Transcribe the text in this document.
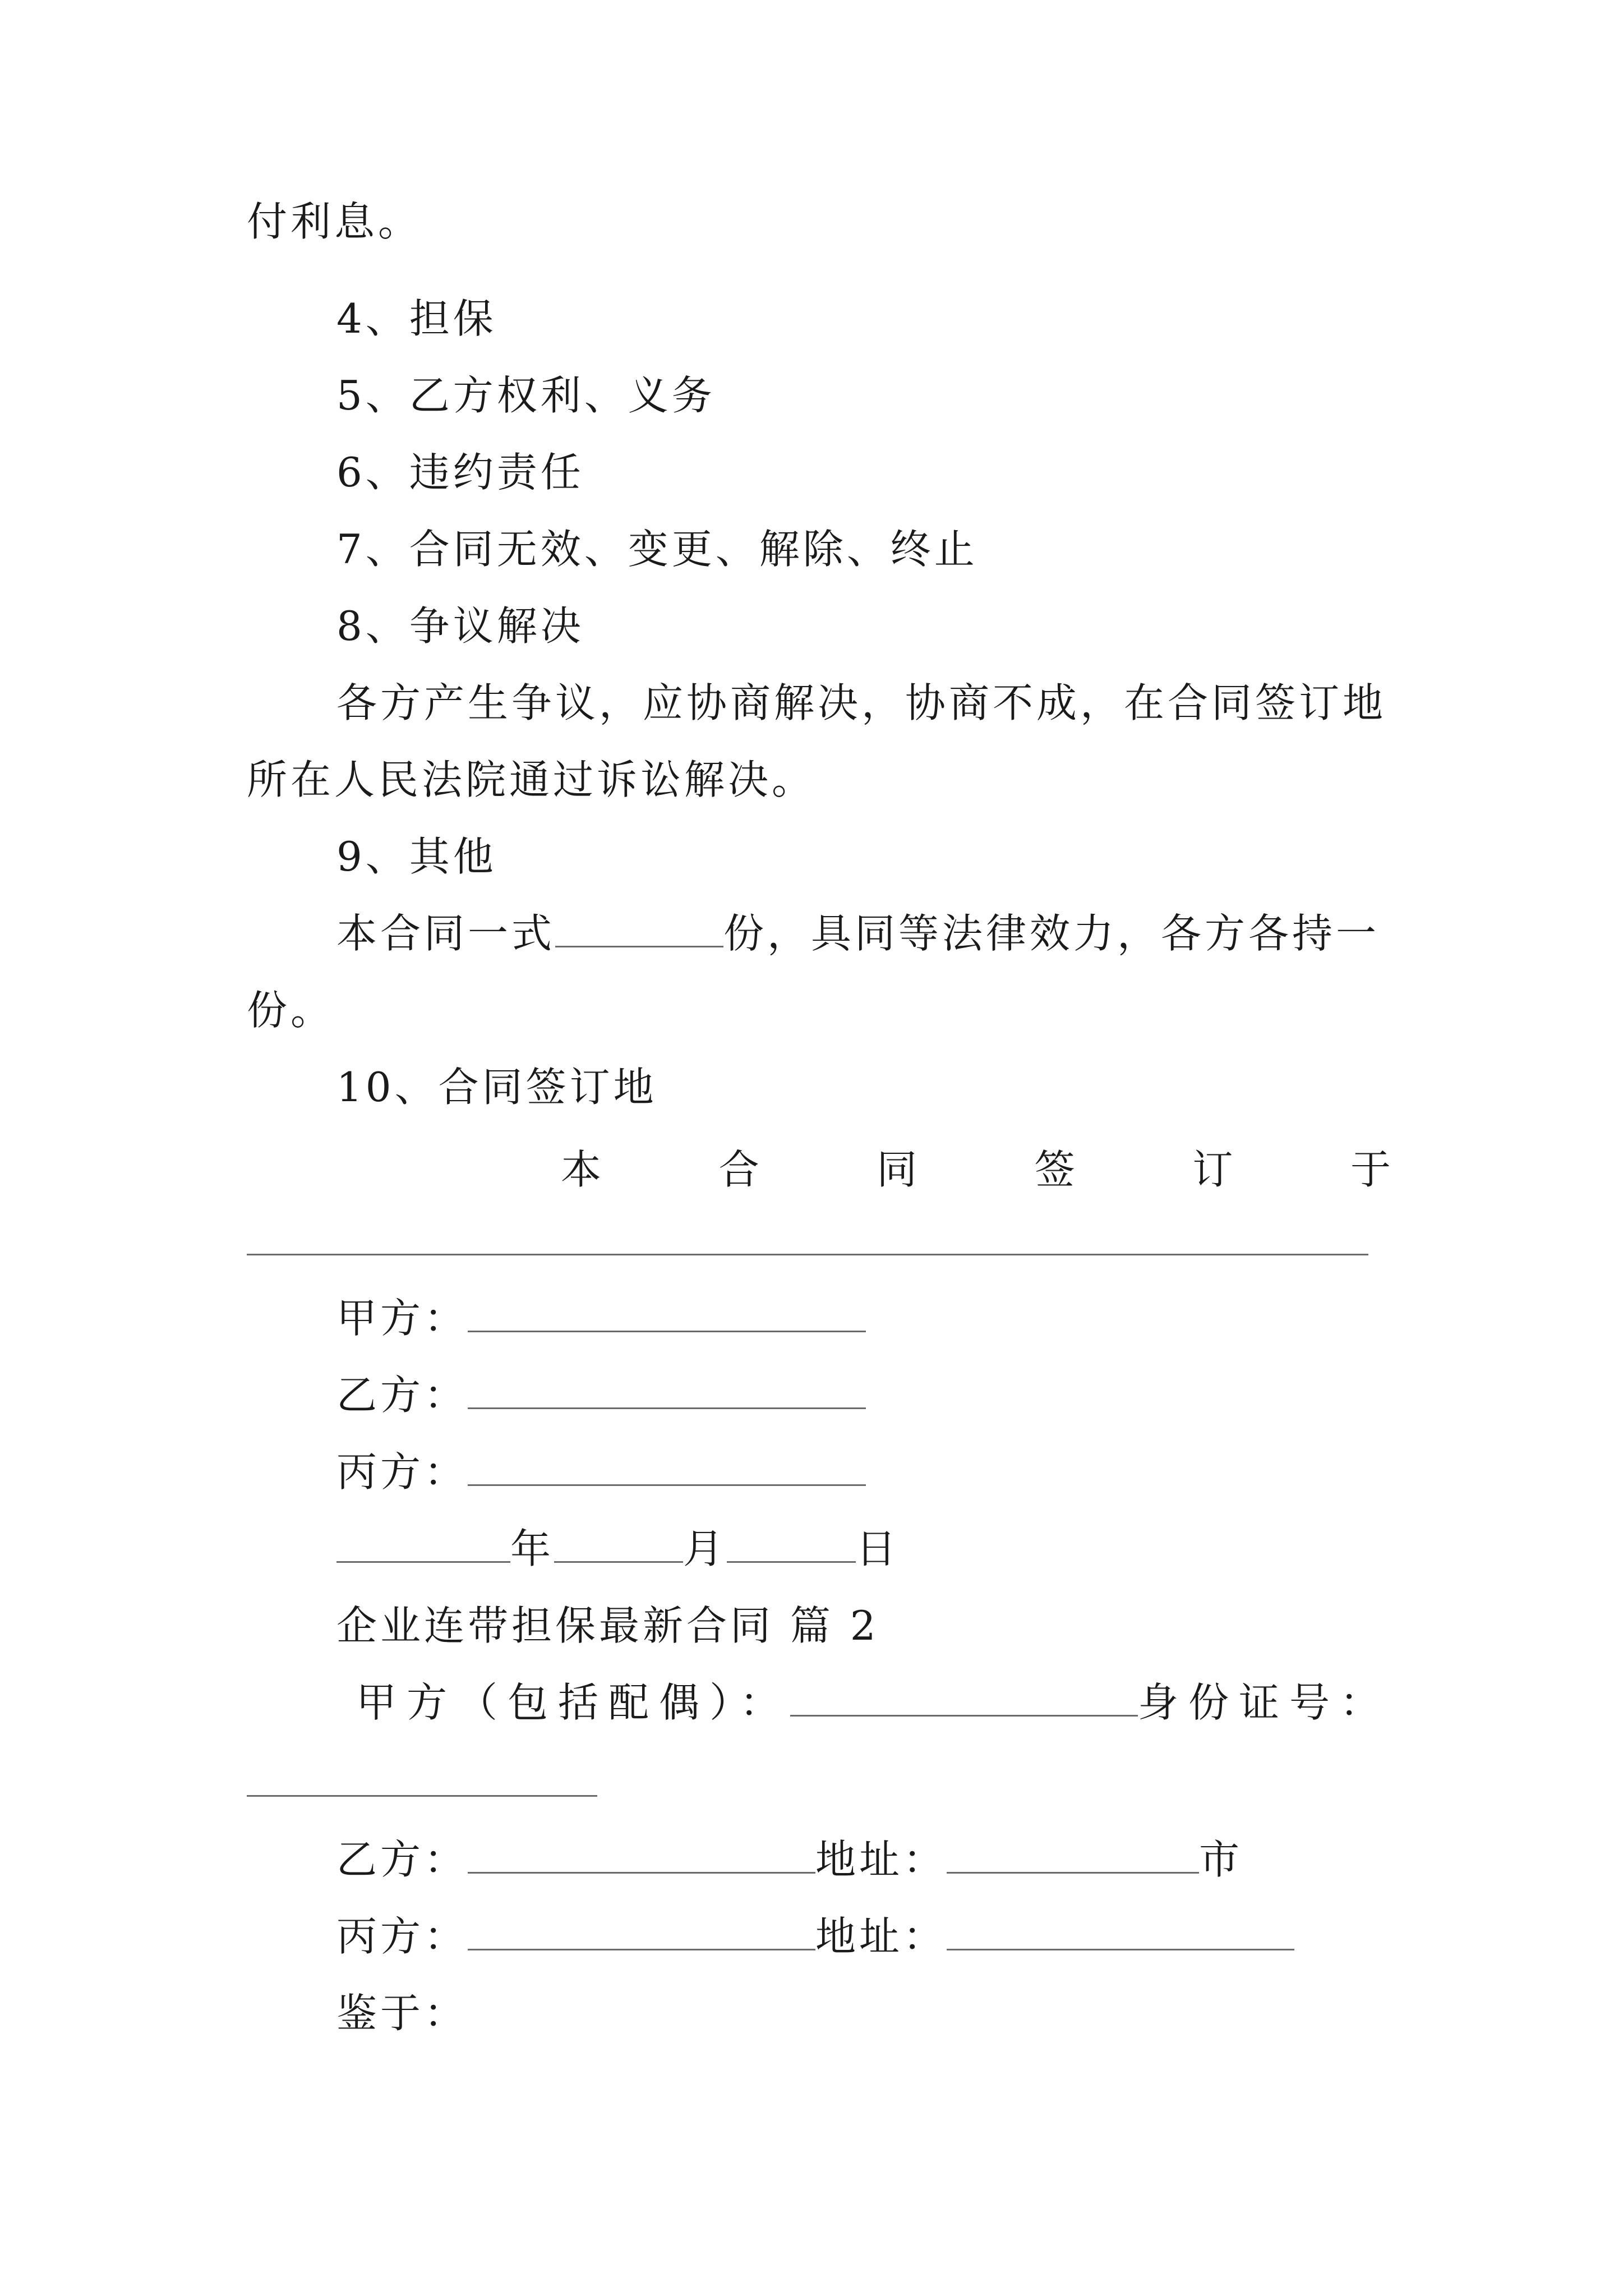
付利息。
4、担保
5、乙方权利、义务
6、违约责任
7、合同无效、变更、解除、终止
8、争议解决
各方产生争议，应协商解决，协商不成，在合同签订地
所在人民法院通过诉讼解决。
9、其他
本合同一式	份，具同等法律效力，各方各持一
份。
10、合同签订地
本	合	同	签	订	于
甲方：
乙方：
丙方：
年	月	日
企业连带担保最新合同 篇 2
甲方（包括配偶）：	身份证号：
乙方：	地址：	市
丙方：	地址：
鉴于：
